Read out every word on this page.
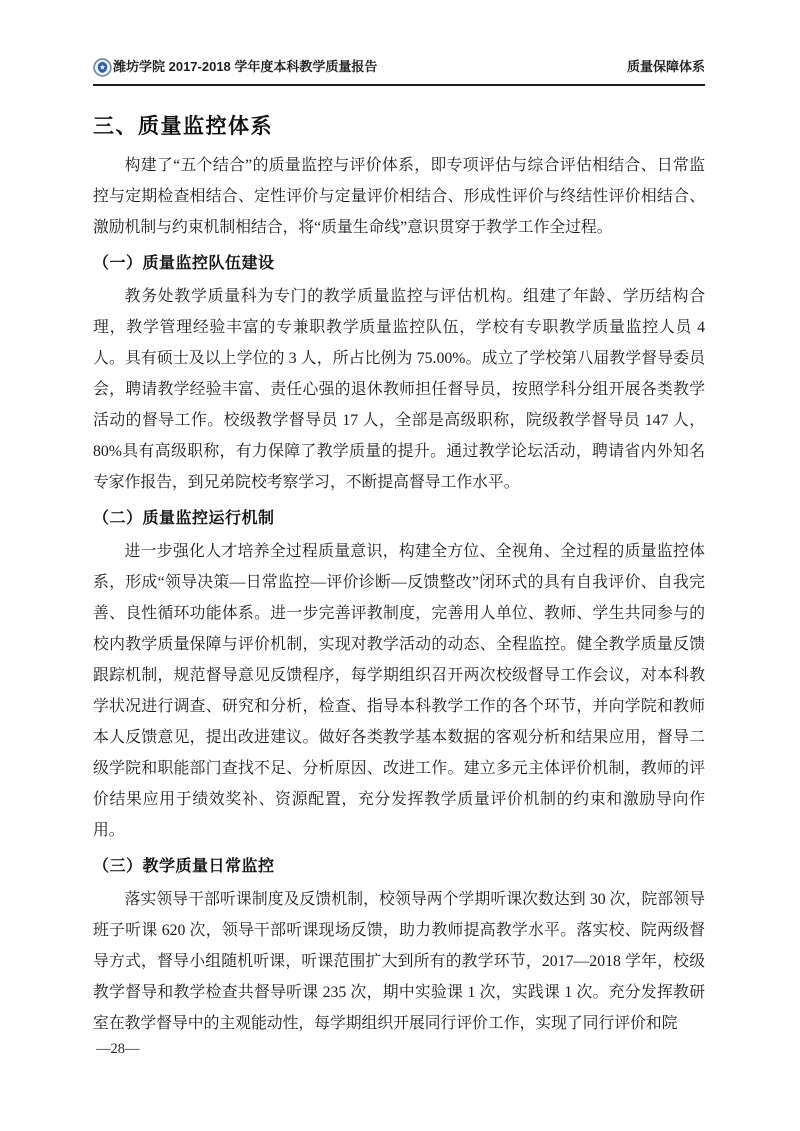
潍坊学院 2017-2018 学年度本科教学质量报告	质量保障体系
三、质量监控体系

构建了“五个结合”的质量监控与评价体系，即专项评估与综合评估相结合、日常监控与定期检查相结合、定性评价与定量评价相结合、形成性评价与终结性评价相结合、激励机制与约束机制相结合，将“质量生命线”意识贯穿于教学工作全过程。

（一）质量监控队伍建设

教务处教学质量科为专门的教学质量监控与评估机构。组建了年龄、学历结构合理，教学管理经验丰富的专兼职教学质量监控队伍，学校有专职教学质量监控人员 4 人。具有硕士及以上学位的 3 人，所占比例为 75.00%。成立了学校第八届教学督导委员会，聘请教学经验丰富、责任心强的退休教师担任督导员，按照学科分组开展各类教学活动的督导工作。校级教学督导员 17 人，全部是高级职称，院级教学督导员 147 人，80%具有高级职称，有力保障了教学质量的提升。通过教学论坛活动，聘请省内外知名专家作报告，到兄弟院校考察学习，不断提高督导工作水平。

（二）质量监控运行机制

进一步强化人才培养全过程质量意识，构建全方位、全视角、全过程的质量监控体系，形成“领导决策—日常监控—评价诊断—反馈整改”闭环式的具有自我评价、自我完善、良性循环功能体系。进一步完善评教制度，完善用人单位、教师、学生共同参与的校内教学质量保障与评价机制，实现对教学活动的动态、全程监控。健全教学质量反馈跟踪机制，规范督导意见反馈程序，每学期组织召开两次校级督导工作会议，对本科教学状况进行调查、研究和分析，检查、指导本科教学工作的各个环节，并向学院和教师本人反馈意见，提出改进建议。做好各类教学基本数据的客观分析和结果应用，督导二级学院和职能部门查找不足、分析原因、改进工作。建立多元主体评价机制，教师的评价结果应用于绩效奖补、资源配置，充分发挥教学质量评价机制的约束和激励导向作用。

（三）教学质量日常监控

落实领导干部听课制度及反馈机制，校领导两个学期听课次数达到 30 次，院部领导班子听课 620 次，领导干部听课现场反馈，助力教师提高教学水平。落实校、院两级督导方式，督导小组随机听课，听课范围扩大到所有的教学环节，2017—2018 学年，校级教学督导和教学检查共督导听课 235 次，期中实验课 1 次，实践课 1 次。充分发挥教研室在教学督导中的主观能动性，每学期组织开展同行评价工作，实现了同行评价和院

—28—
